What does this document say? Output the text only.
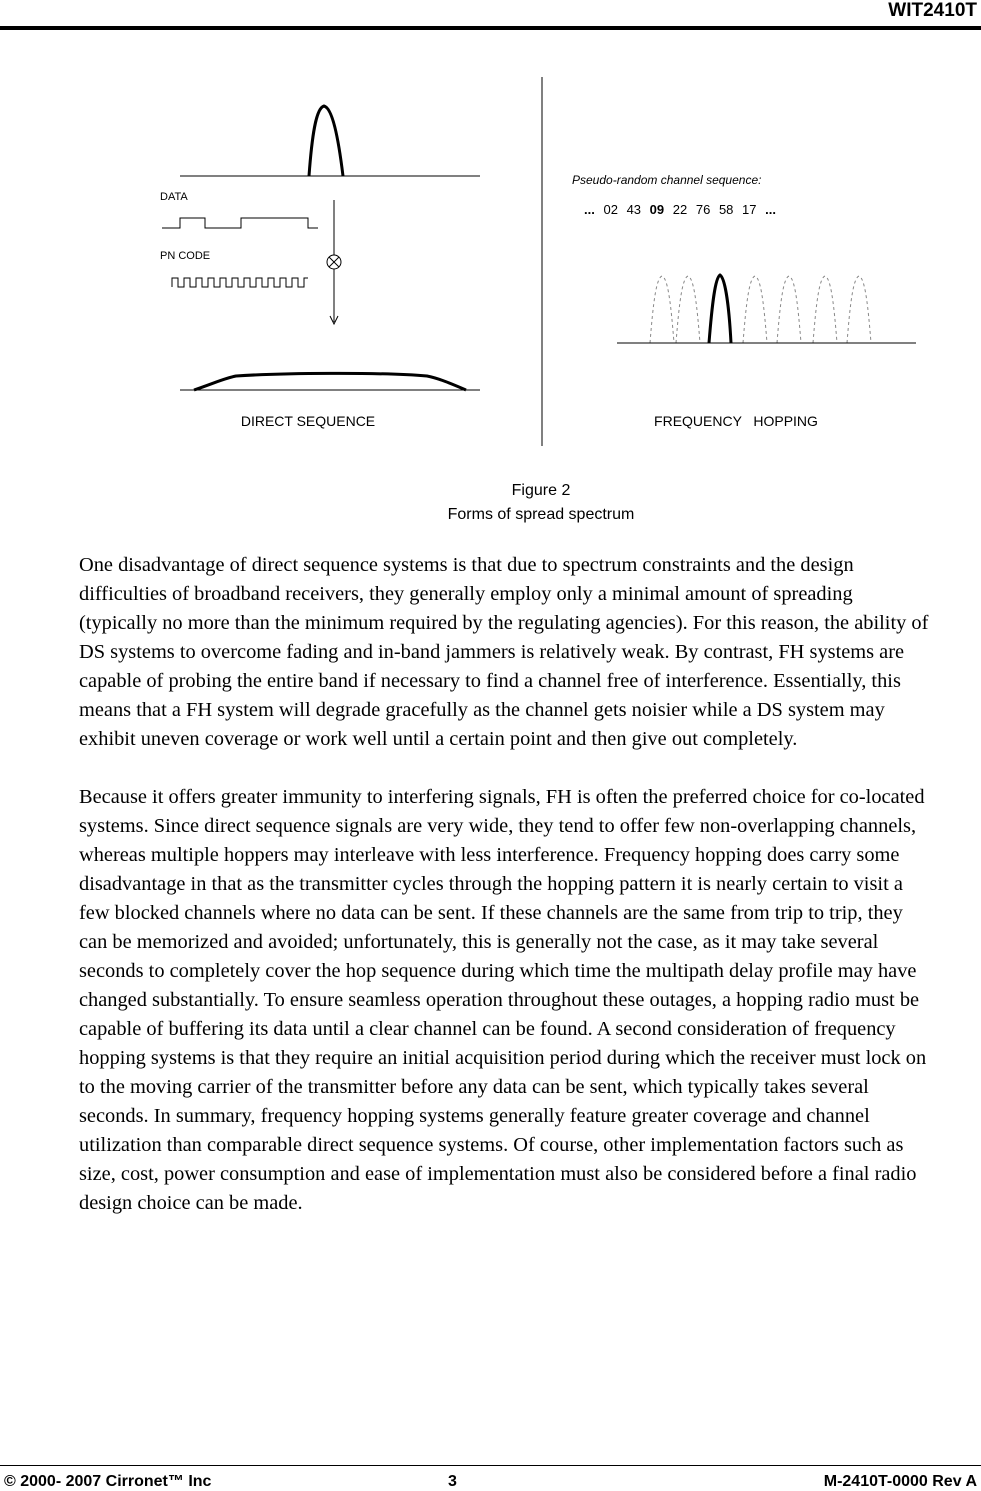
WIT2410T
DATA
PN CODE
DIRECT SEQUENCE
Pseudo-random channel sequence:
... 02 43 09 22 76 58 17 ...
FREQUENCY   HOPPING
Figure 2
Forms of spread spectrum

One disadvantage of direct sequence systems is that due to spectrum constraints and the design difficulties of broadband receivers, they generally employ only a minimal amount of spreading (typically no more than the minimum required by the regulating agencies). For this reason, the ability of DS systems to overcome fading and in-band jammers is relatively weak. By contrast, FH systems are capable of probing the entire band if necessary to find a channel free of interference. Essentially, this means that a FH system will degrade gracefully as the channel gets noisier while a DS system may exhibit uneven coverage or work well until a certain point and then give out completely.

Because it offers greater immunity to interfering signals, FH is often the preferred choice for co-located systems. Since direct sequence signals are very wide, they tend to offer few non-overlapping channels, whereas multiple hoppers may interleave with less interference. Frequency hopping does carry some disadvantage in that as the transmitter cycles through the hopping pattern it is nearly certain to visit a few blocked channels where no data can be sent. If these channels are the same from trip to trip, they can be memorized and avoided; unfortunately, this is generally not the case, as it may take several seconds to completely cover the hop sequence during which time the multipath delay profile may have changed substantially. To ensure seamless operation throughout these outages, a hopping radio must be capable of buffering its data until a clear channel can be found. A second consideration of frequency hopping systems is that they require an initial acquisition period during which the receiver must lock on to the moving carrier of the transmitter before any data can be sent, which typically takes several seconds. In summary, frequency hopping systems generally feature greater coverage and channel utilization than comparable direct sequence systems. Of course, other implementation factors such as size, cost, power consumption and ease of implementation must also be considered before a final radio design choice can be made.

© 2000- 2007 Cirronet™ Inc	3	M-2410T-0000 Rev A
